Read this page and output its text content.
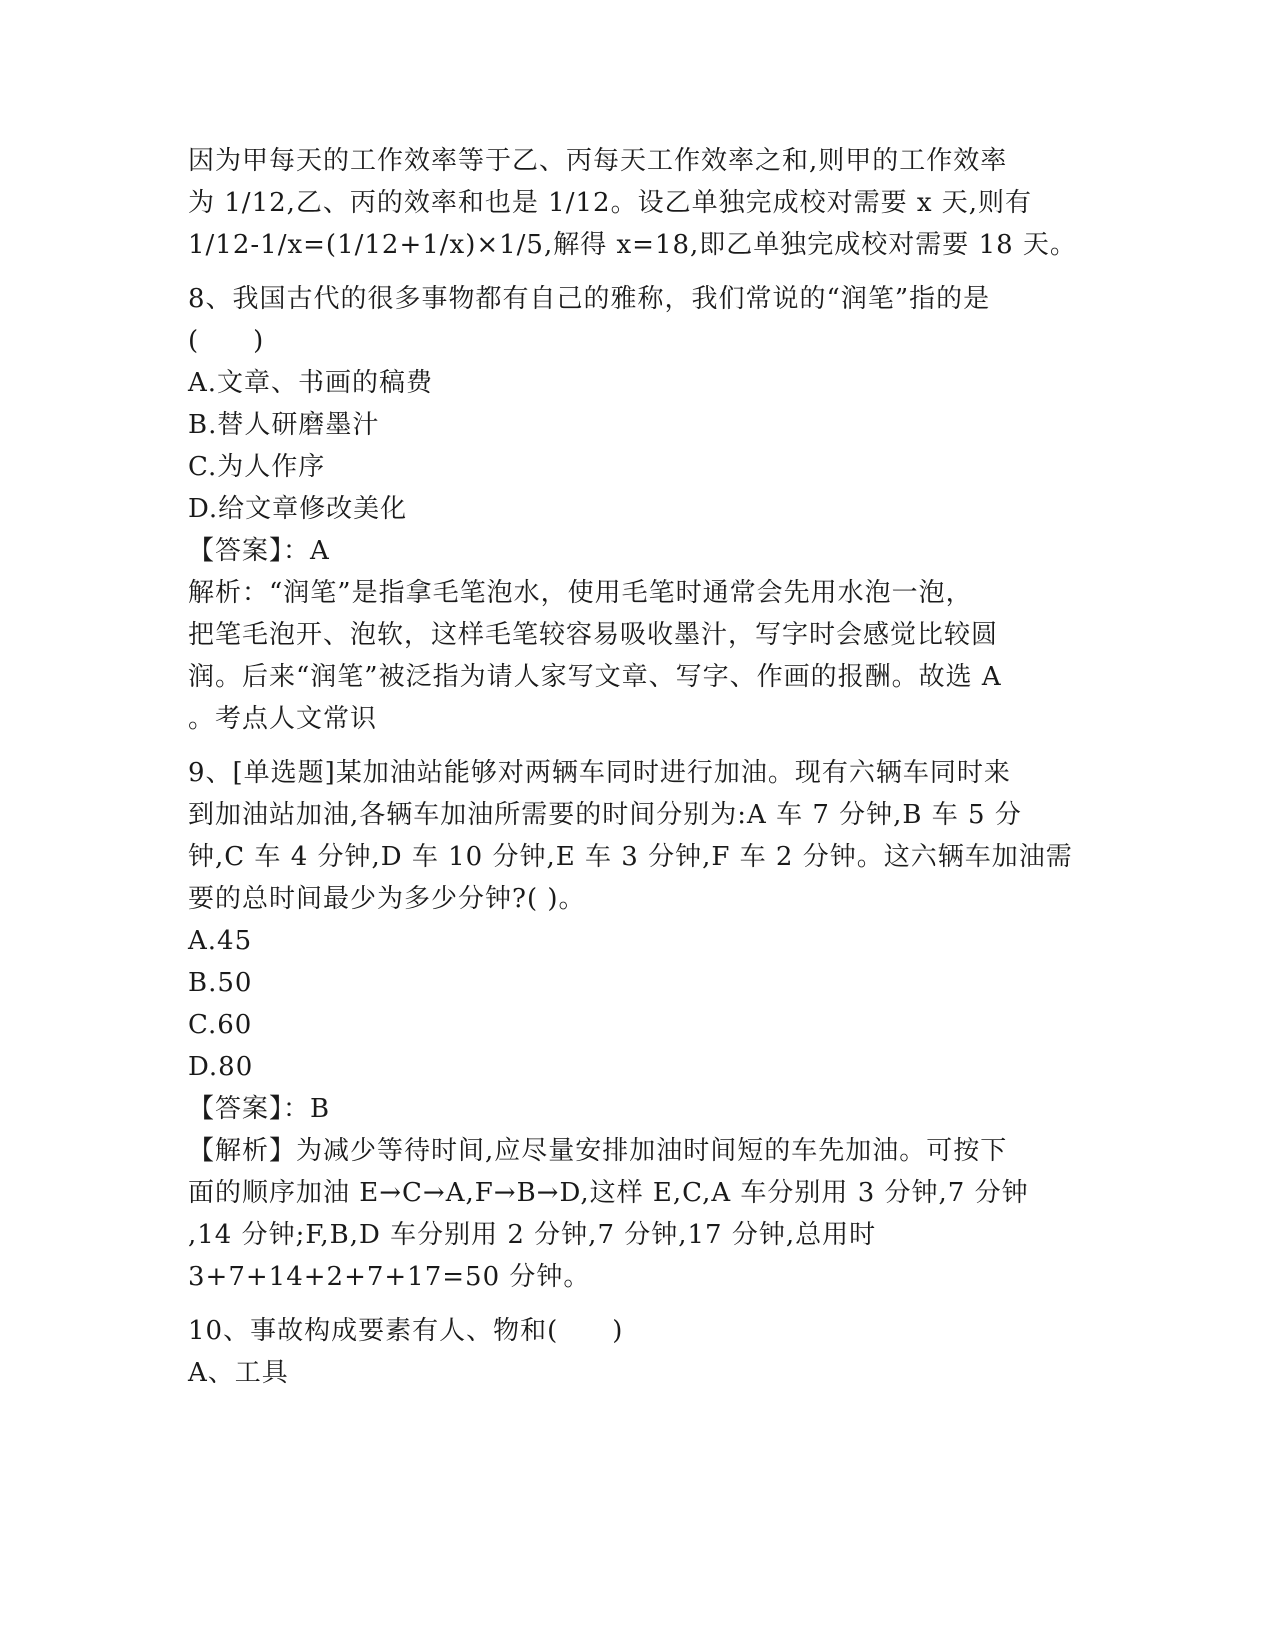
因为甲每天的工作效率等于乙、丙每天工作效率之和,则甲的工作效率
为 1/12,乙、丙的效率和也是 1/12。设乙单独完成校对需要 x 天,则有
1/12-1/x=(1/12+1/x)×1/5,解得 x=18,即乙单独完成校对需要 18 天。
8、我国古代的很多事物都有自己的雅称，我们常说的“润笔”指的是
(　　)
A.文章、书画的稿费
B.替人研磨墨汁
C.为人作序
D.给文章修改美化
【答案】：A
解析：“润笔”是指拿毛笔泡水，使用毛笔时通常会先用水泡一泡，
把笔毛泡开、泡软，这样毛笔较容易吸收墨汁，写字时会感觉比较圆
润。后来“润笔”被泛指为请人家写文章、写字、作画的报酬。故选 A
。考点人文常识
9、[单选题]某加油站能够对两辆车同时进行加油。现有六辆车同时来
到加油站加油,各辆车加油所需要的时间分别为:A 车 7 分钟,B 车 5 分
钟,C 车 4 分钟,D 车 10 分钟,E 车 3 分钟,F 车 2 分钟。这六辆车加油需
要的总时间最少为多少分钟?( )。
A.45
B.50
C.60
D.80
【答案】：B
【解析】为减少等待时间,应尽量安排加油时间短的车先加油。可按下
面的顺序加油 E→C→A,F→B→D,这样 E,C,A 车分别用 3 分钟,7 分钟
,14 分钟;F,B,D 车分别用 2 分钟,7 分钟,17 分钟,总用时
3+7+14+2+7+17=50 分钟。
10、事故构成要素有人、物和(　　)
A、工具
